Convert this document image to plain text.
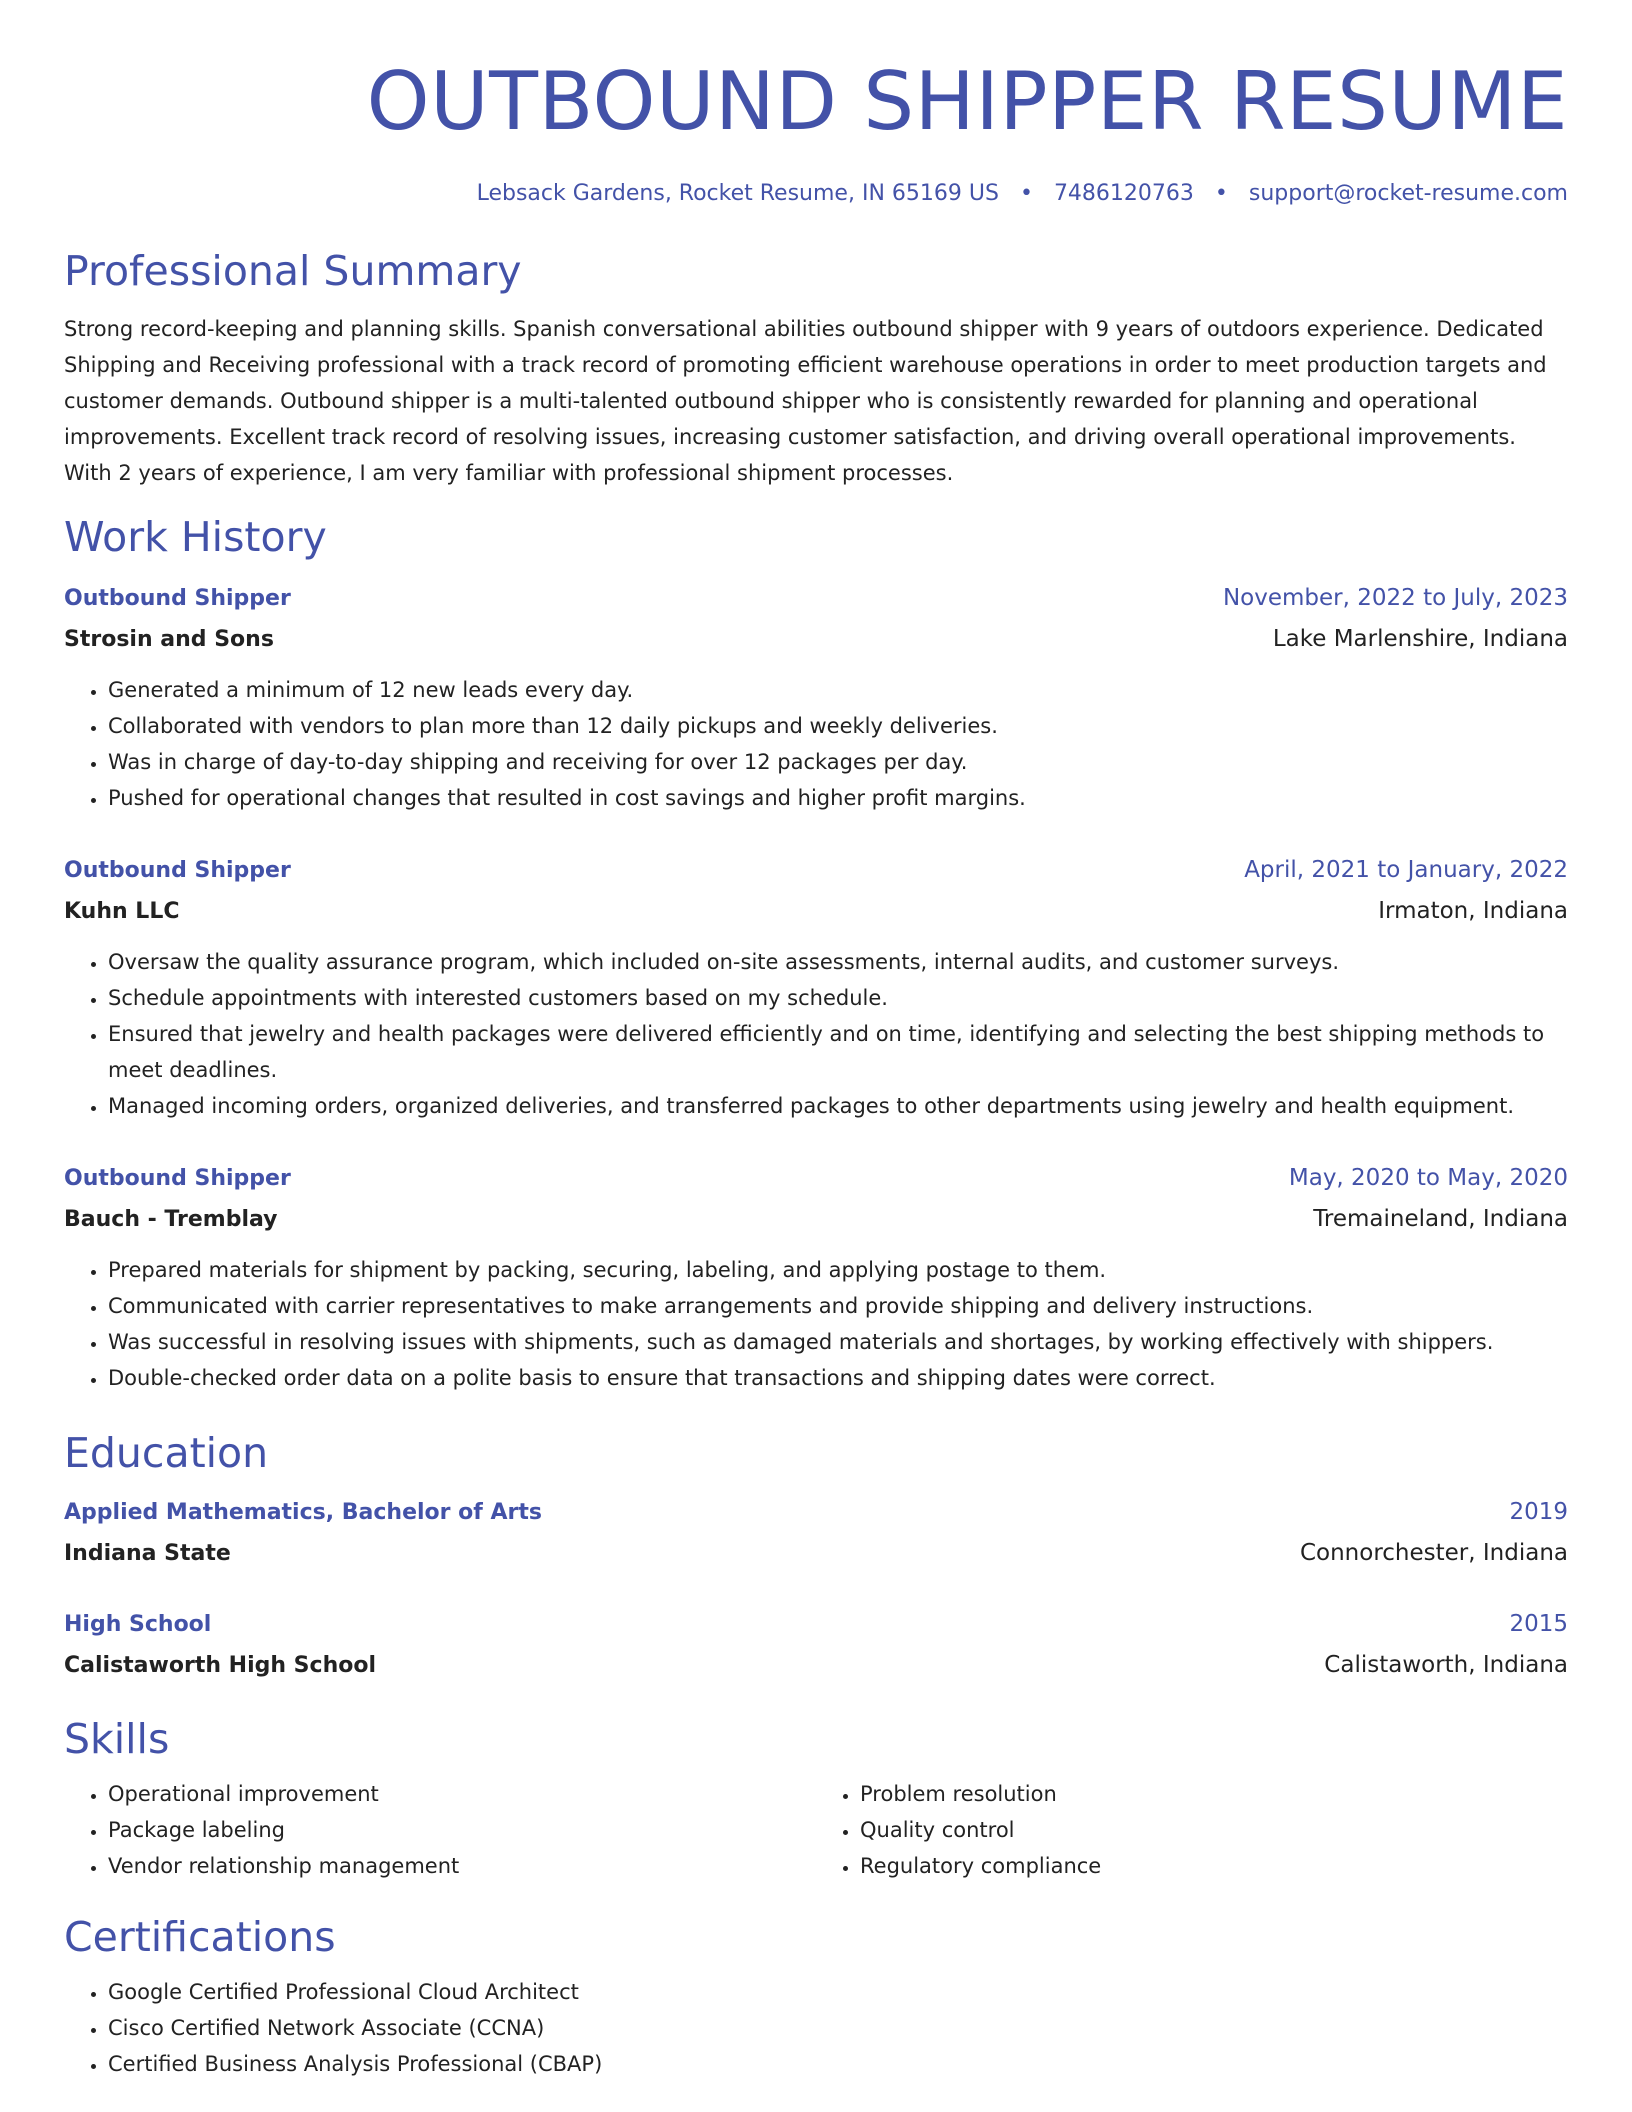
OUTBOUND SHIPPER RESUME
Lebsack Gardens, Rocket Resume, IN 65169 US • 7486120763 • support@rocket-resume.com
Professional Summary

Strong record-keeping and planning skills. Spanish conversational abilities outbound shipper with 9 years of outdoors experience. Dedicated Shipping and Receiving professional with a track record of promoting efficient warehouse operations in order to meet production targets and customer demands. Outbound shipper is a multi-talented outbound shipper who is consistently rewarded for planning and operational improvements. Excellent track record of resolving issues, increasing customer satisfaction, and driving overall operational improvements. With 2 years of experience, I am very familiar with professional shipment processes.

Work History
Outbound Shipper	November, 2022 to July, 2023
Strosin and Sons	Lake Marlenshire, Indiana
• Generated a minimum of 12 new leads every day.
• Collaborated with vendors to plan more than 12 daily pickups and weekly deliveries.
• Was in charge of day-to-day shipping and receiving for over 12 packages per day.
• Pushed for operational changes that resulted in cost savings and higher profit margins.
Outbound Shipper	April, 2021 to January, 2022
Kuhn LLC	Irmaton, Indiana
• Oversaw the quality assurance program, which included on-site assessments, internal audits, and customer surveys.
• Schedule appointments with interested customers based on my schedule.
• Ensured that jewelry and health packages were delivered efficiently and on time, identifying and selecting the best shipping methods to meet deadlines.
• Managed incoming orders, organized deliveries, and transferred packages to other departments using jewelry and health equipment.
Outbound Shipper	May, 2020 to May, 2020
Bauch - Tremblay	Tremaineland, Indiana
• Prepared materials for shipment by packing, securing, labeling, and applying postage to them.
• Communicated with carrier representatives to make arrangements and provide shipping and delivery instructions.
• Was successful in resolving issues with shipments, such as damaged materials and shortages, by working effectively with shippers.
• Double-checked order data on a polite basis to ensure that transactions and shipping dates were correct.
Education
Applied Mathematics, Bachelor of Arts	2019
Indiana State	Connorchester, Indiana
High School	2015
Calistaworth High School	Calistaworth, Indiana
Skills
• Operational improvement
• Package labeling
• Vendor relationship management
• Problem resolution
• Quality control
• Regulatory compliance
Certifications
• Google Certified Professional Cloud Architect
• Cisco Certified Network Associate (CCNA)
• Certified Business Analysis Professional (CBAP)
